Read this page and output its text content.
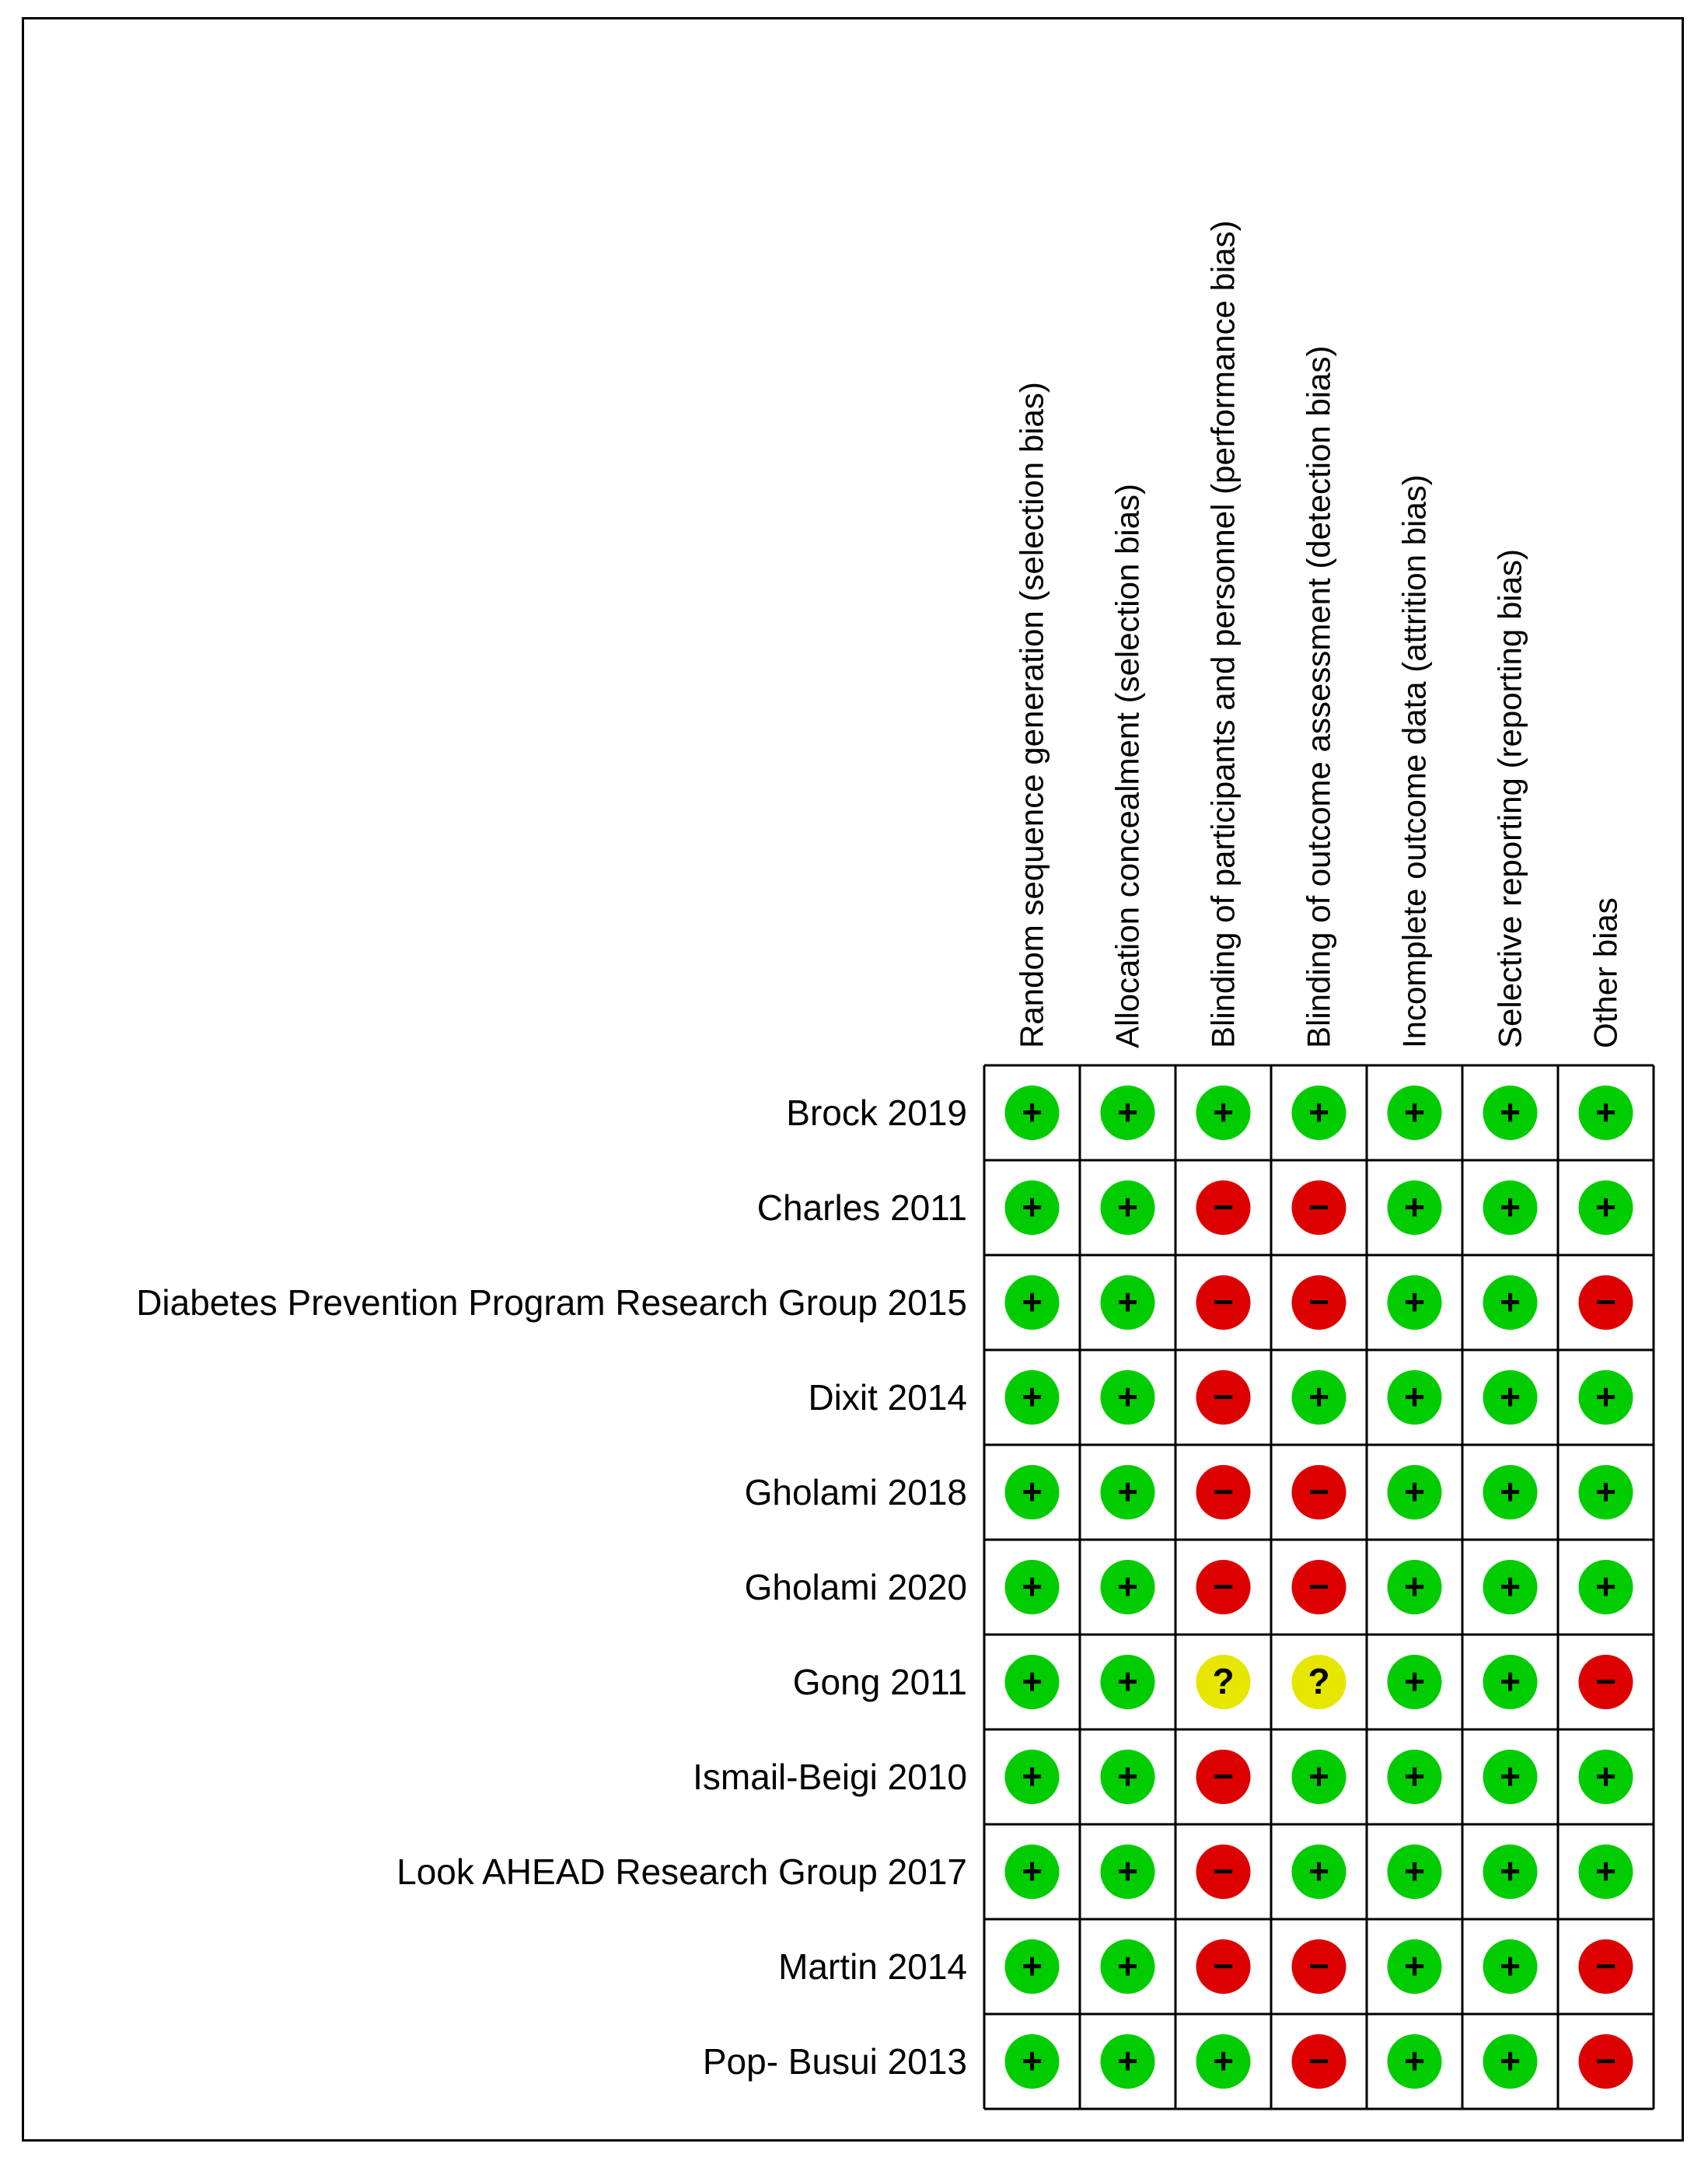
Random sequence generation (selection bias) Allocation concealment (selection bias) Blinding of participants and personnel (performance bias) Blinding of outcome assessment (detection bias) Incomplete outcome data (attrition bias) Selective reporting (reporting bias) Other bias
Brock 2019
Charles 2011
Diabetes Prevention Program Research Group 2015
Dixit 2014
Gholami 2018
Gholami 2020
Gong 2011
Ismail-Beigi 2010
Look AHEAD Research Group 2017
Martin 2014
Pop- Busui 2013
+ + + + + + +
+ + − − + + +
+ + − − + + −
+ + − + + + +
+ + − − + + +
+ + − − + + +
+ + ? ? + + −
+ + − + + + +
+ + − + + + +
+ + − − + + −
+ + + − + + −
